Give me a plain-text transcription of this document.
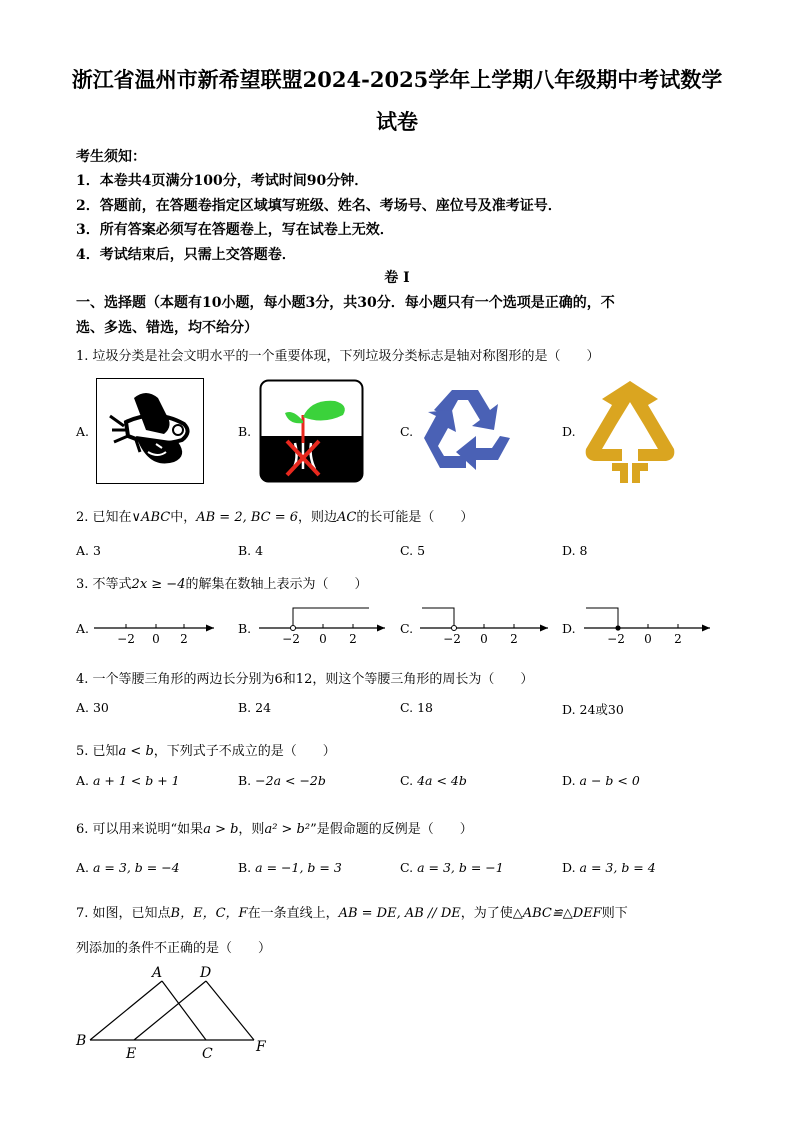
浙江省温州市新希望联盟2024-2025学年上学期八年级期中考试数学
试卷
考生须知：
1．本卷共4页满分100分，考试时间90分钟．
2．答题前，在答题卷指定区域填写班级、姓名、考场号、座位号及准考证号．
3．所有答案必须写在答题卷上，写在试卷上无效．
4．考试结束后，只需上交答题卷．
卷 I
一、选择题（本题有10小题，每小题3分，共30分．每小题只有一个选项是正确的，不
选、多选、错选，均不给分）
1. 垃圾分类是社会文明水平的一个重要体现，下列垃圾分类标志是轴对称图形的是（　　）
A.	B.	C.	D.
2. 已知在∨ABC中，AB = 2, BC = 6，则边AC的长可能是（　　）
A. 3	B. 4	C. 5	D. 8
3. 不等式2x ≥ −4的解集在数轴上表示为（　　）
A.	B.	C.	D.
−2 0 2	−2 0 2	−2 0 2	−2 0 2
4. 一个等腰三角形的两边长分别为6和12，则这个等腰三角形的周长为（　　）
A. 30	B. 24	C. 18	D. 24或30
5. 已知a < b，下列式子不成立的是（　　）
A. a + 1 < b + 1	B. −2a < −2b	C. 4a < 4b	D. a − b < 0
6. 可以用来说明“如果a > b，则a² > b²”是假命题的反例是（　　）
A. a = 3, b = −4	B. a = −1, b = 3	C. a = 3, b = −1	D. a = 3, b = 4
7. 如图，已知点B，E，C，F在一条直线上，AB = DE, AB // DE，为了使△ABC≌△DEF则下
列添加的条件不正确的是（　　）
A	D
B
E	C	F
